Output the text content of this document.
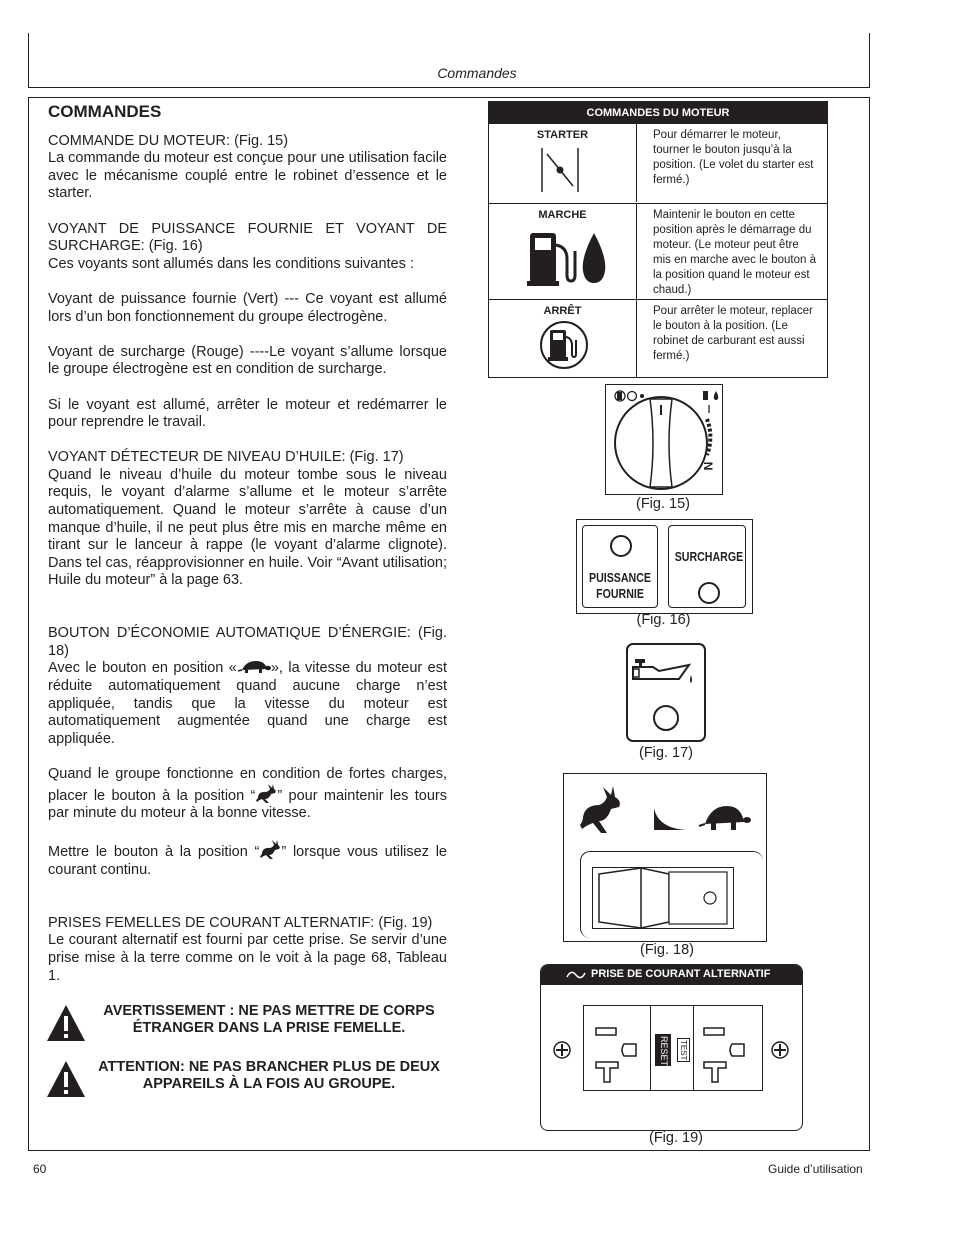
Commandes

COMMANDES

COMMANDE DU MOTEUR: (Fig. 15)

La commande du moteur est conçue pour une utilisation facile avec le mécanisme couplé entre le robinet d’essence et le starter.

VOYANT DE PUISSANCE FOURNIE ET VOYANT DE SURCHARGE: (Fig. 16)

Ces voyants sont allumés dans les conditions suivantes :

Voyant de puissance fournie (Vert) --- Ce voyant est allumé lors d’un bon fonctionnement du groupe électrogène.

Voyant de surcharge (Rouge) ----Le voyant s’allume lorsque le groupe électrogène est en condition de surcharge.

Si le voyant est allumé, arrêter le moteur et redémarrer le pour reprendre le travail.

VOYANT DÉTECTEUR DE NIVEAU D’HUILE: (Fig. 17)

Quand le niveau d’huile du moteur tombe sous le niveau requis, le voyant d’alarme s’allume et le moteur s’arrête automatiquement. Quand le moteur s’arrête à cause d’un manque d’huile, il ne peut plus être mis en marche même en tirant sur le lanceur à rappe (le voyant d’alarme clignote). Dans tel cas, réapprovisionner en huile. Voir “Avant utilisation; Huile du moteur” à la page 63.

BOUTON D’ÉCONOMIE AUTOMATIQUE D’ÉNERGIE: (Fig. 18)

Avec le bouton en position « », la vitesse du moteur est réduite automatiquement quand aucune charge n’est appliquée, tandis que la vitesse du moteur est automatiquement augmentée quand une charge est appliquée.

Quand le groupe fonctionne en condition de fortes charges, placer le bouton à la position “ ” pour maintenir les tours par minute du moteur à la bonne vitesse.

Mettre le bouton à la position “ ” lorsque vous utilisez le courant continu.

PRISES FEMELLES DE COURANT ALTERNATIF: (Fig. 19)

Le courant alternatif est fourni par cette prise. Se servir d’une prise mise à la terre comme on le voit à la page 68, Tableau 1.

AVERTISSEMENT : NE PAS METTRE DE CORPS ÉTRANGER DANS LA PRISE FEMELLE.
ATTENTION: NE PAS BRANCHER PLUS DE DEUX APPAREILS À LA FOIS AU GROUPE.
COMMANDES DU MOTEUR
STARTER	Pour démarrer le moteur, tourner le bouton jusqu’à la position. (Le volet du starter est fermé.)
MARCHE	Maintenir le bouton en cette position après le démarrage du moteur. (Le moteur peut être mis en marche avec le bouton à la position quand le moteur est chaud.)
ARRÊT	Pour arrêter le moteur, replacer le bouton à la position. (Le robinet de carburant est aussi fermé.)
N
(Fig. 15)
PUISSANCE
FOURNIE
SURCHARGE
(Fig. 16)
(Fig. 17)
(Fig. 18)
PRISE DE COURANT ALTERNATIF
RESET TEST
(Fig. 19)
60	Guide d’utilisation
